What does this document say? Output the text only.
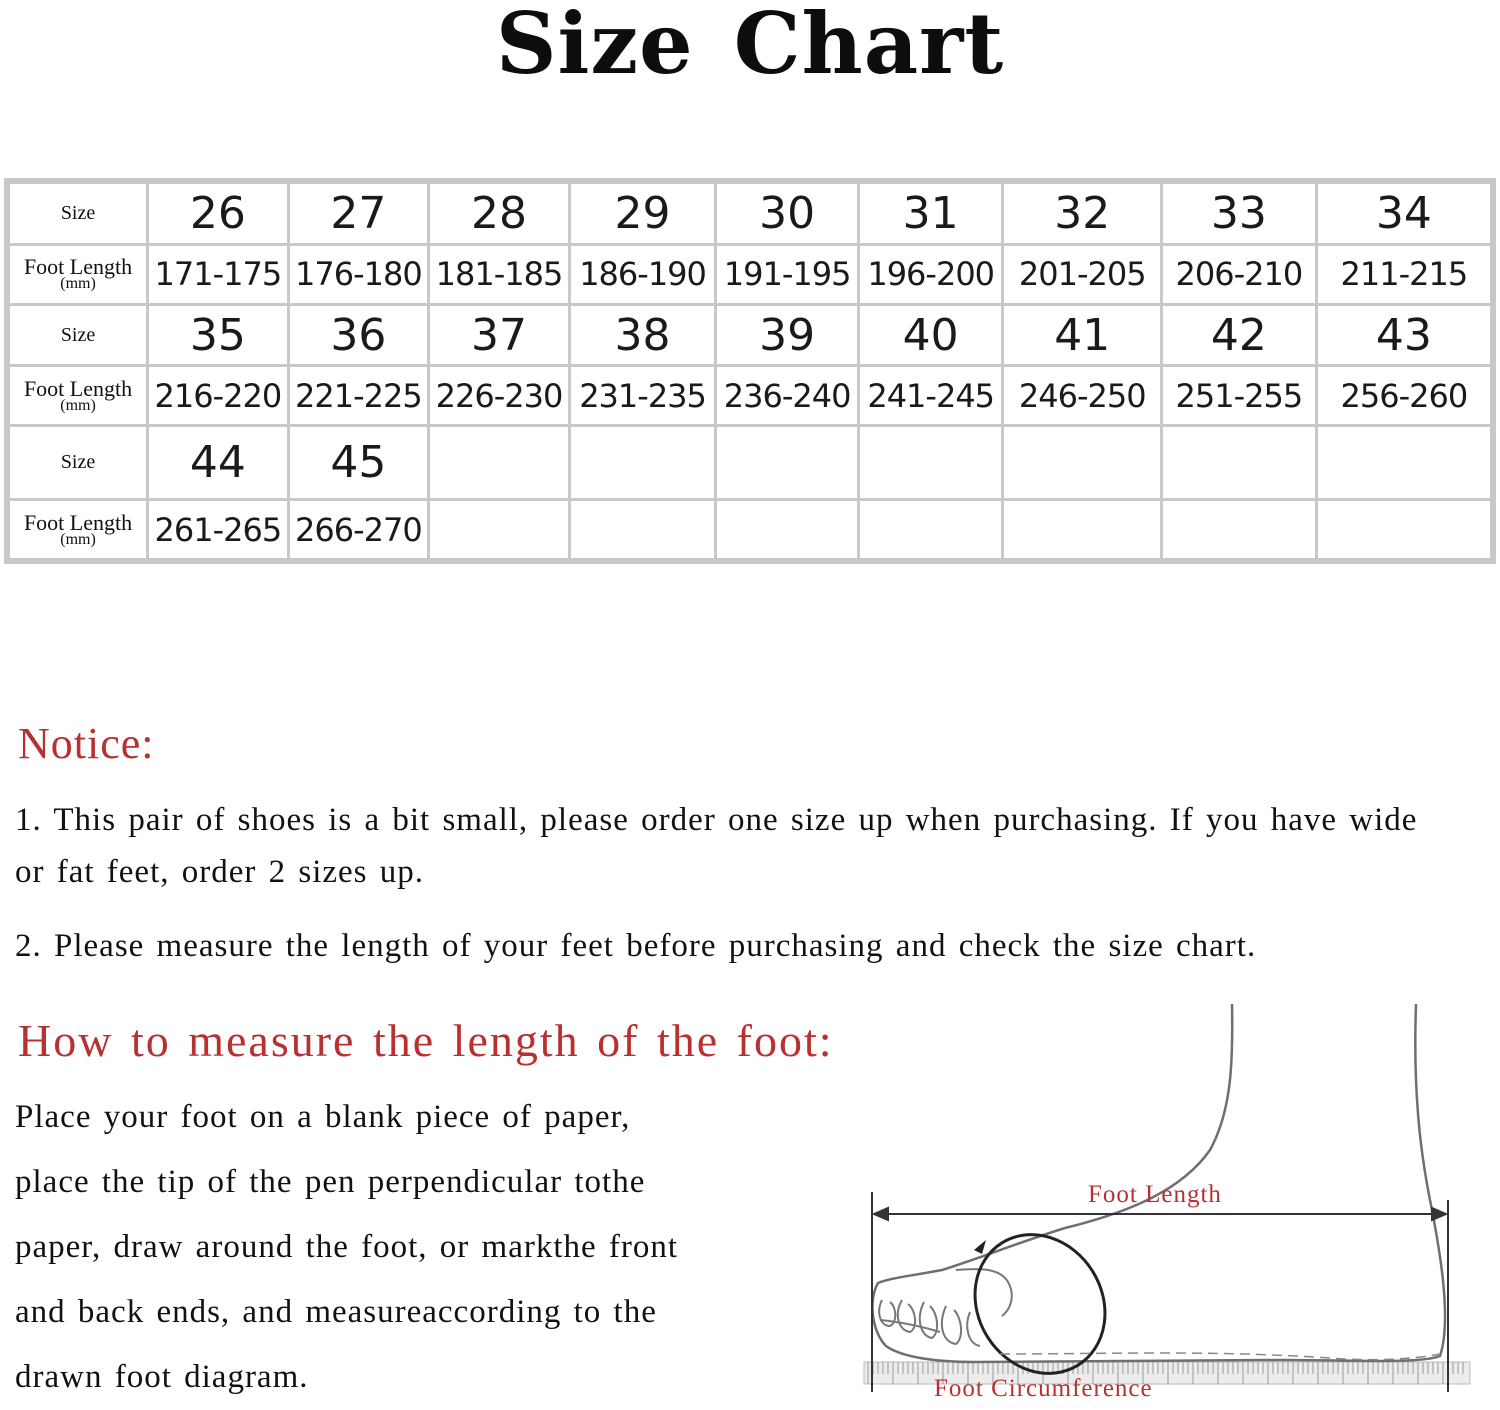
Size Chart
Size	26	27	28	29	30	31	32	33	34
Foot Length
(mm)	171-175	176-180	181-185	186-190	191-195	196-200	201-205	206-210	211-215
Size	35	36	37	38	39	40	41	42	43
Foot Length
(mm)	216-220	221-225	226-230	231-235	236-240	241-245	246-250	251-255	256-260
Size	44	45							
Foot Length
(mm)	261-265	266-270							
Notice:

1. This pair of shoes is a bit small, please order one size up when purchasing. If you have wide or fat feet, order 2 sizes up.

2. Please measure the length of your feet before purchasing and check the size chart.

How to measure the length of the foot:
Place your foot on a blank piece of paper,
place the tip of the pen perpendicular tothe
paper, draw around the foot, or markthe front
and back ends, and measureaccording to the
drawn foot diagram.
Foot Length
Foot Circumference
